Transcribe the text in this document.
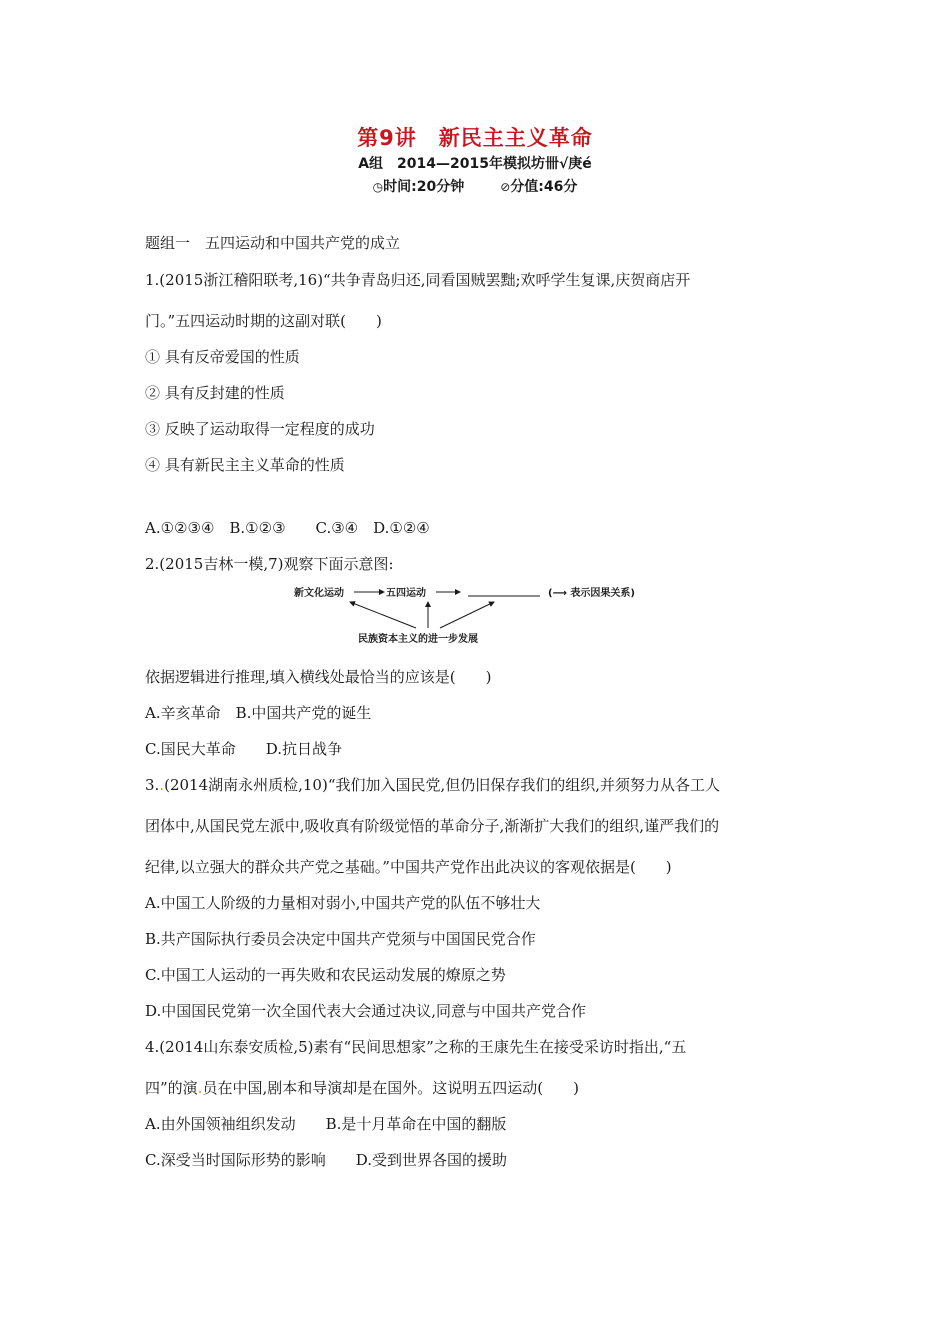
第9讲　新民主主义革命
A组　2014—2015年模拟坊卌√庚é
◷时间:20分钟	⊘分值:46分
题组一　五四运动和中国共产党的成立
1.(2015浙江稽阳联考,16)“共争青岛归还,同看国贼罢黜;欢呼学生复课,庆贺商店开
门。”五四运动时期的这副对联(　　)
① 具有反帝爱国的性质
② 具有反封建的性质
③ 反映了运动取得一定程度的成功
④ 具有新民主主义革命的性质
A.①②③④　B.①②③　　C.③④　D.①②④
2.(2015吉林一模,7)观察下面示意图:
新文化运动	五四运动	(⟶ 表示因果关系)
民族资本主义的进一步发展
依据逻辑进行推理,填入横线处最恰当的应该是(　　)
A.辛亥革命　B.中国共产党的诞生
C.国民大革命　　D.抗日战争
3..(2014湖南永州质检,10)“我们加入国民党,但仍旧保存我们的组织,并须努力从各工人
团体中,从国民党左派中,吸收真有阶级觉悟的革命分子,渐渐扩大我们的组织,谨严我们的
纪律,以立强大的群众共产党之基础。”中国共产党作出此决议的客观依据是(　　)
A.中国工人阶级的力量相对弱小,中国共产党的队伍不够壮大
B.共产国际执行委员会决定中国共产党须与中国国民党合作
C.中国工人运动的一再失败和农民运动发展的燎原之势
D.中国国民党第一次全国代表大会通过决议,同意与中国共产党合作
4.(2014山东泰安质检,5)素有“民间思想家”之称的王康先生在接受采访时指出,“五
四”的演.员在中国,剧本和导演却是在国外。这说明五四运动(　　)
A.由外国领袖组织发动　　B.是十月革命在中国的翻版
C.深受当时国际形势的影响　　D.受到世界各国的援助
